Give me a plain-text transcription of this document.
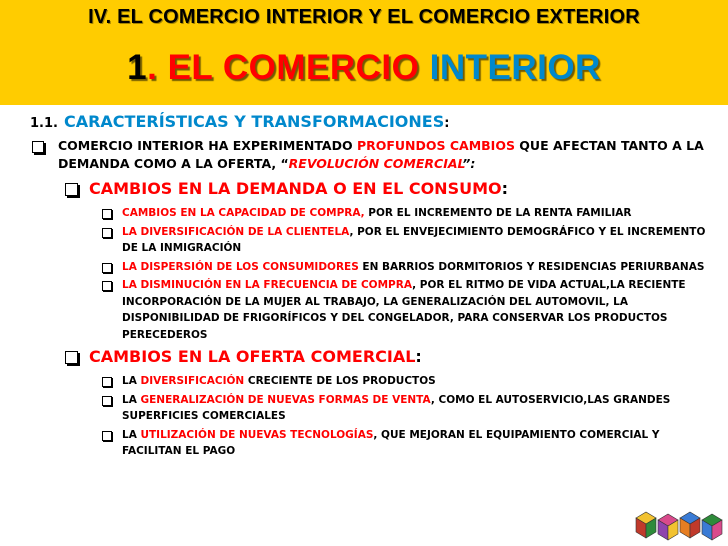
IV. EL COMERCIO INTERIOR Y EL COMERCIO EXTERIOR
1. EL COMERCIO INTERIOR
1.1. CARACTERÍSTICAS Y TRANSFORMACIONES:
COMERCIO INTERIOR HA EXPERIMENTADO PROFUNDOS CAMBIOS QUE AFECTAN TANTO A LA DEMANDA COMO A LA OFERTA, “REVOLUCIÓN COMERCIAL”:
CAMBIOS EN LA DEMANDA O EN EL CONSUMO:
CAMBIOS EN LA CAPACIDAD DE COMPRA, POR EL INCREMENTO DE LA RENTA FAMILIAR
LA DIVERSIFICACIÓN DE LA CLIENTELA, POR EL ENVEJECIMIENTO DEMOGRÁFICO Y EL INCREMENTO DE LA INMIGRACIÓN
LA DISPERSIÓN DE LOS CONSUMIDORES EN BARRIOS DORMITORIOS Y RESIDENCIAS PERIURBANAS
LA DISMINUCIÓN EN LA FRECUENCIA DE COMPRA, POR EL RITMO DE VIDA ACTUAL,LA RECIENTE INCORPORACIÓN DE LA MUJER AL TRABAJO, LA GENERALIZACIÓN DEL AUTOMOVIL, LA DISPONIBILIDAD DE FRIGORÍFICOS Y DEL CONGELADOR, PARA CONSERVAR LOS PRODUCTOS PERECEDEROS
CAMBIOS EN LA OFERTA COMERCIAL:
LA DIVERSIFICACIÓN CRECIENTE DE LOS PRODUCTOS
LA GENERALIZACIÓN DE NUEVAS FORMAS DE VENTA, COMO EL AUTOSERVICIO,LAS GRANDES SUPERFICIES COMERCIALES
LA UTILIZACIÓN DE NUEVAS TECNOLOGÍAS, QUE MEJORAN EL EQUIPAMIENTO COMERCIAL Y FACILITAN EL PAGO
